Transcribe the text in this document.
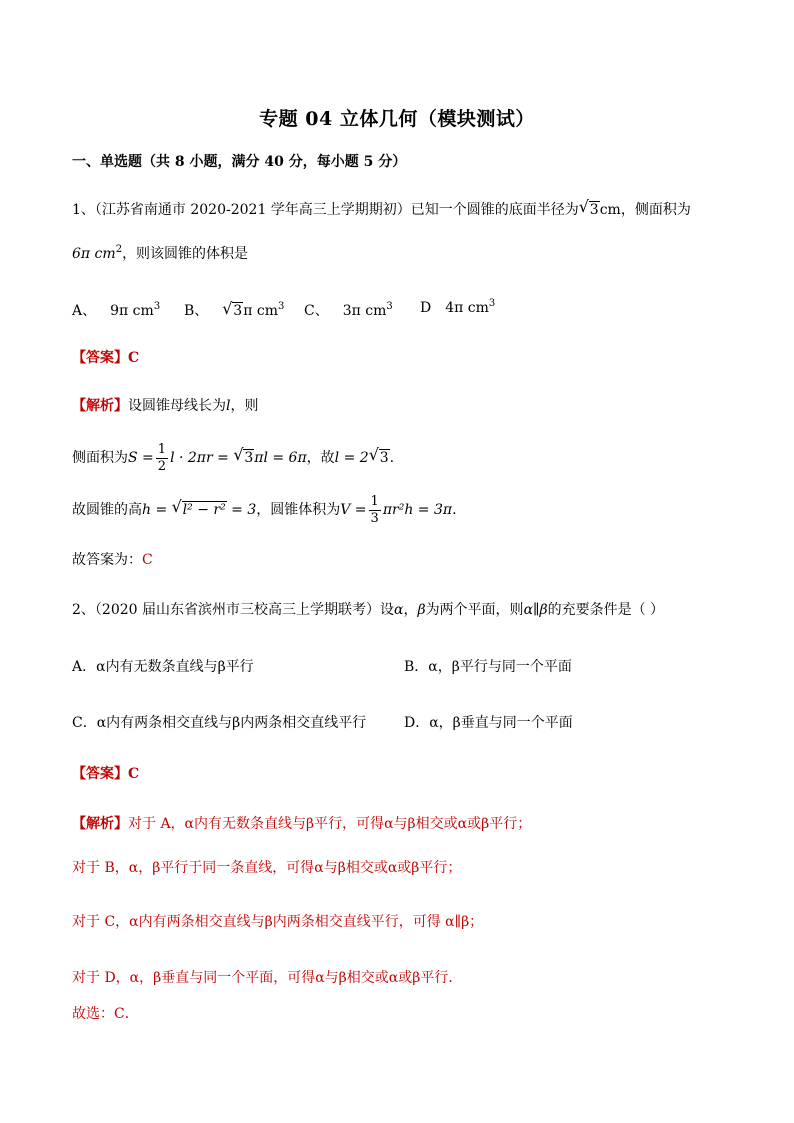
专题 04 立体几何（模块测试）
一、单选题（共 8 小题，满分 40 分，每小题 5 分）
1、（江苏省南通市 2020-2021 学年高三上学期期初）已知一个圆锥的底面半径为 √ 3cm，侧面积为
6π $cm^2$，则该圆锥的体积是
A、 9π $cm^3$ B、 √ 3π $cm^3$ C、 3π $cm^3$ D 4π $cm^3$
【答案】C
【解析】设圆锥母线长为l，则
侧面积为$S = \frac{1}{2}$ l · 2πr = √ 3πl = 6π，故l = 2 √ 3.
故圆锥的高h = √ l² − r² = 3，圆锥体积为$V = \frac{1}{3} \pi r^2h = 3\pi$.
故答案为：C
2、（2020 届山东省滨州市三校高三上学期联考）设α，β为两个平面，则α∥β的充要条件是（ ）
A．α内有无数条直线与β平行	B．α，β平行与同一个平面
C．α内有两条相交直线与β内两条相交直线平行	D．α，β垂直与同一个平面
【答案】C
【解析】对于 A，α内有无数条直线与β平行，可得α与β相交或α或β平行；
对于 B，α，β平行于同一条直线，可得α与β相交或α或β平行；
对于 C，α内有两条相交直线与β内两条相交直线平行，可得 α∥β；
对于 D，α，β垂直与同一个平面，可得α与β相交或α或β平行．
故选：C．
